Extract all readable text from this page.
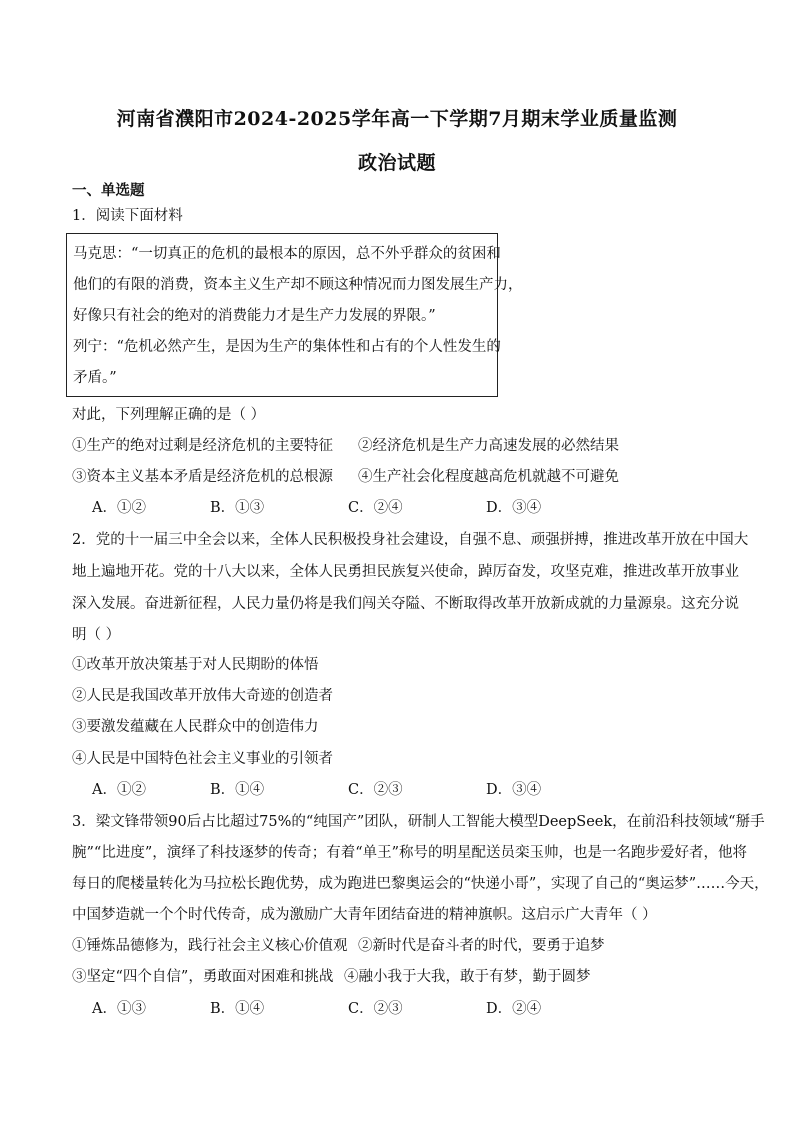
河南省濮阳市2024-2025学年高一下学期7月期末学业质量监测
政治试题
一、单选题
1．阅读下面材料
马克思：“一切真正的危机的最根本的原因，总不外乎群众的贫困和
他们的有限的消费，资本主义生产却不顾这种情况而力图发展生产力，
好像只有社会的绝对的消费能力才是生产力发展的界限。”
列宁：“危机必然产生，是因为生产的集体性和占有的个人性发生的
矛盾。”
对此，下列理解正确的是（ ）
①生产的绝对过剩是经济危机的主要特征 ②经济危机是生产力高速发展的必然结果
③资本主义基本矛盾是经济危机的总根源 ④生产社会化程度越高危机就越不可避免
A．①②	B．①③	C．②④	D．③④
2．党的十一届三中全会以来，全体人民积极投身社会建设，自强不息、顽强拼搏，推进改革开放在中国大
地上遍地开花。党的十八大以来，全体人民勇担民族复兴使命，踔厉奋发，攻坚克难，推进改革开放事业
深入发展。奋进新征程，人民力量仍将是我们闯关夺隘、不断取得改革开放新成就的力量源泉。这充分说
明（ ）
①改革开放决策基于对人民期盼的体悟
②人民是我国改革开放伟大奇迹的创造者
③要激发蕴藏在人民群众中的创造伟力
④人民是中国特色社会主义事业的引领者
A．①②	B．①④	C．②③	D．③④
3．梁文锋带领90后占比超过75%的“纯国产”团队，研制人工智能大模型DeepSeek，在前沿科技领域“掰手
腕”“比进度”，演绎了科技逐梦的传奇；有着“单王”称号的明星配送员栾玉帅，也是一名跑步爱好者，他将
每日的爬楼量转化为马拉松长跑优势，成为跑进巴黎奥运会的“快递小哥”，实现了自己的“奥运梦”……今天，
中国梦造就一个个时代传奇，成为激励广大青年团结奋进的精神旗帜。这启示广大青年（ ）
①锤炼品德修为，践行社会主义核心价值观 ②新时代是奋斗者的时代，要勇于追梦
③坚定“四个自信”，勇敢面对困难和挑战 ④融小我于大我，敢于有梦，勤于圆梦
A．①③	B．①④	C．②③	D．②④
